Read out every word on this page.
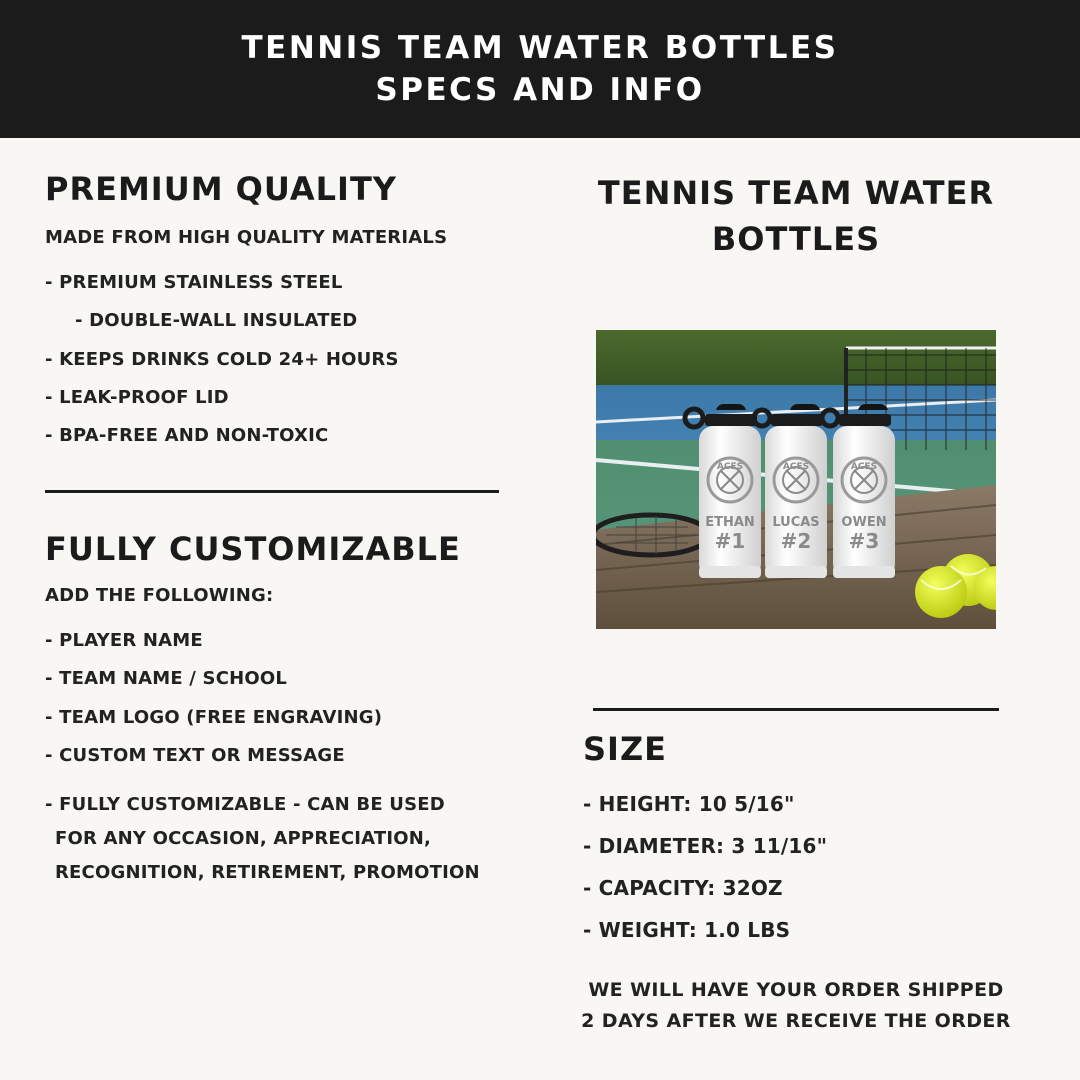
TENNIS TEAM WATER BOTTLES
SPECS AND INFO
PREMIUM QUALITY
MADE FROM HIGH QUALITY MATERIALS
- PREMIUM STAINLESS STEEL
- DOUBLE-WALL INSULATED
- KEEPS DRINKS COLD 24+ HOURS
- LEAK-PROOF LID
- BPA-FREE AND NON-TOXIC
FULLY CUSTOMIZABLE
ADD THE FOLLOWING:
- PLAYER NAME
- TEAM NAME / SCHOOL
- TEAM LOGO (FREE ENGRAVING)
- CUSTOM TEXT OR MESSAGE
- FULLY CUSTOMIZABLE - CAN BE USED
FOR ANY OCCASION, APPRECIATION,
RECOGNITION, RETIREMENT, PROMOTION
TENNIS TEAM WATER
BOTTLES
ACES
ETHAN
#1
ACES
LUCAS
#2
ACES
OWEN
#3
SIZE
- HEIGHT: 10 5/16"
- DIAMETER: 3 11/16"
- CAPACITY: 32OZ
- WEIGHT: 1.0 LBS
WE WILL HAVE YOUR ORDER SHIPPED
2 DAYS AFTER WE RECEIVE THE ORDER
